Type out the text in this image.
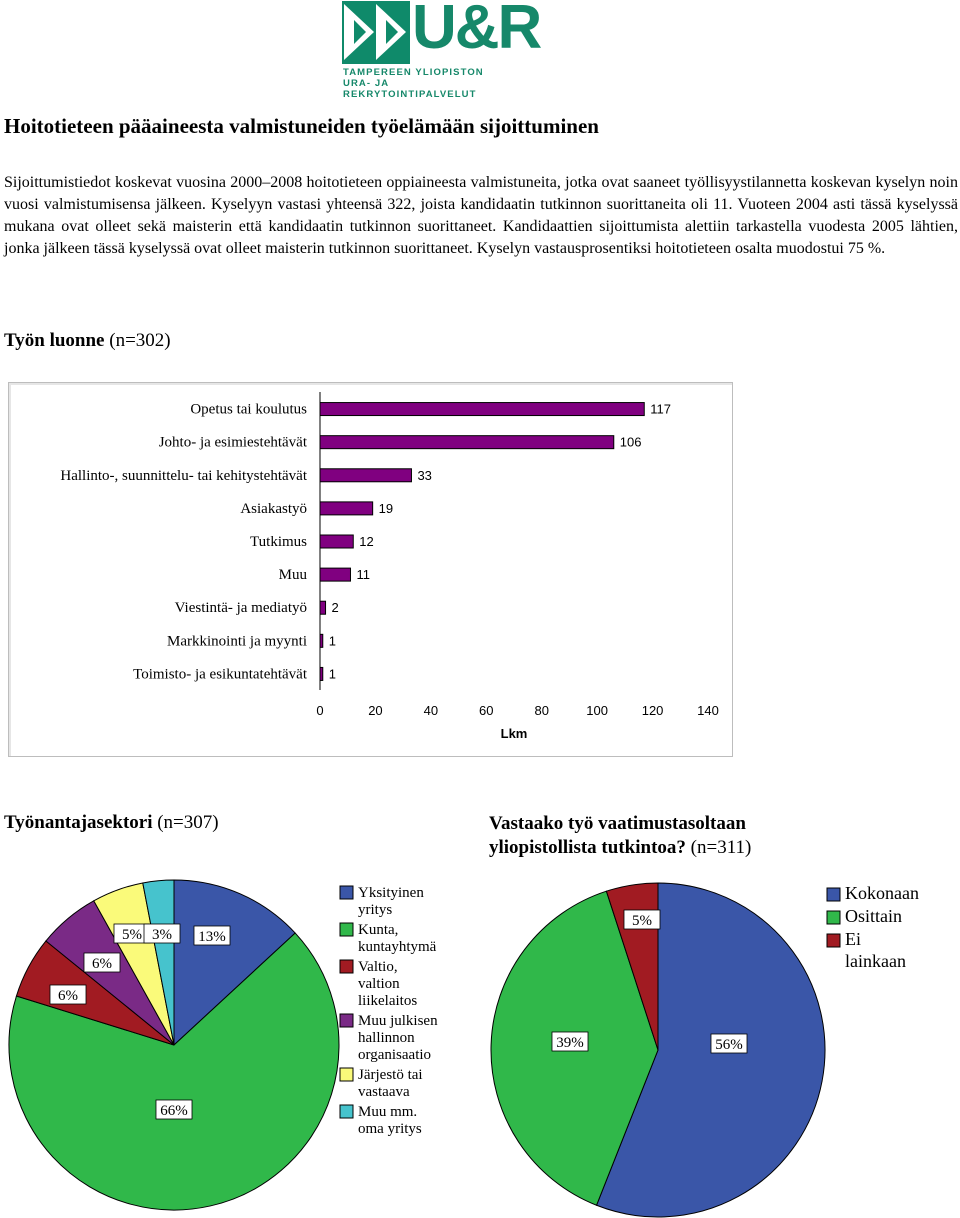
U&R
TAMPEREEN YLIOPISTON
URA- JA REKRYTOINTIPALVELUT
Hoitotieteen pääaineesta valmistuneiden työelämään sijoittuminen

Sijoittumistiedot koskevat vuosina 2000–2008 hoitotieteen oppiaineesta valmistuneita, jotka ovat saaneet työllisyystilannetta koskevan kyselyn noin vuosi valmistumisensa jälkeen. Kyselyyn vastasi yhteensä 322, joista kandidaatin tutkinnon suorittaneita oli 11. Vuoteen 2004 asti tässä kyselyssä mukana ovat olleet sekä maisterin että kandidaatin tutkinnon suorittaneet. Kandidaattien sijoittumista alettiin tarkastella vuodesta 2005 lähtien, jonka jälkeen tässä kyselyssä ovat olleet maisterin tutkinnon suorittaneet. Kyselyn vastausprosentiksi hoitotieteen osalta muodostui 75 %.

Työn luonne (n=302)
Opetus tai koulutus	117
Johto- ja esimiestehtävät	106
Hallinto-, suunnittelu- tai kehitystehtävät	33
Asiakastyö	19
Tutkimus	12
Muu	11
Viestintä- ja mediatyö 2
Markkinointi ja myynti 1
Toimisto- ja esikuntatehtävät 1
0	20	40	60	80	100	120	140
Lkm
Työnantajasektori (n=307)	Vastaako työ vaatimustasoltaan
yliopistollista tutkintoa? (n=311)
13%
66%
6%
6%
5% 3%
Yksityinen
yritys
Kunta,
kuntayhtymä
Valtio,
valtion
liikelaitos
Muu julkisen
hallinnon
organisaatio
Järjestö tai
vastaava
Muu mm.
oma yritys
56%
39%
5%
Kokonaan
Osittain
Ei
lainkaan
